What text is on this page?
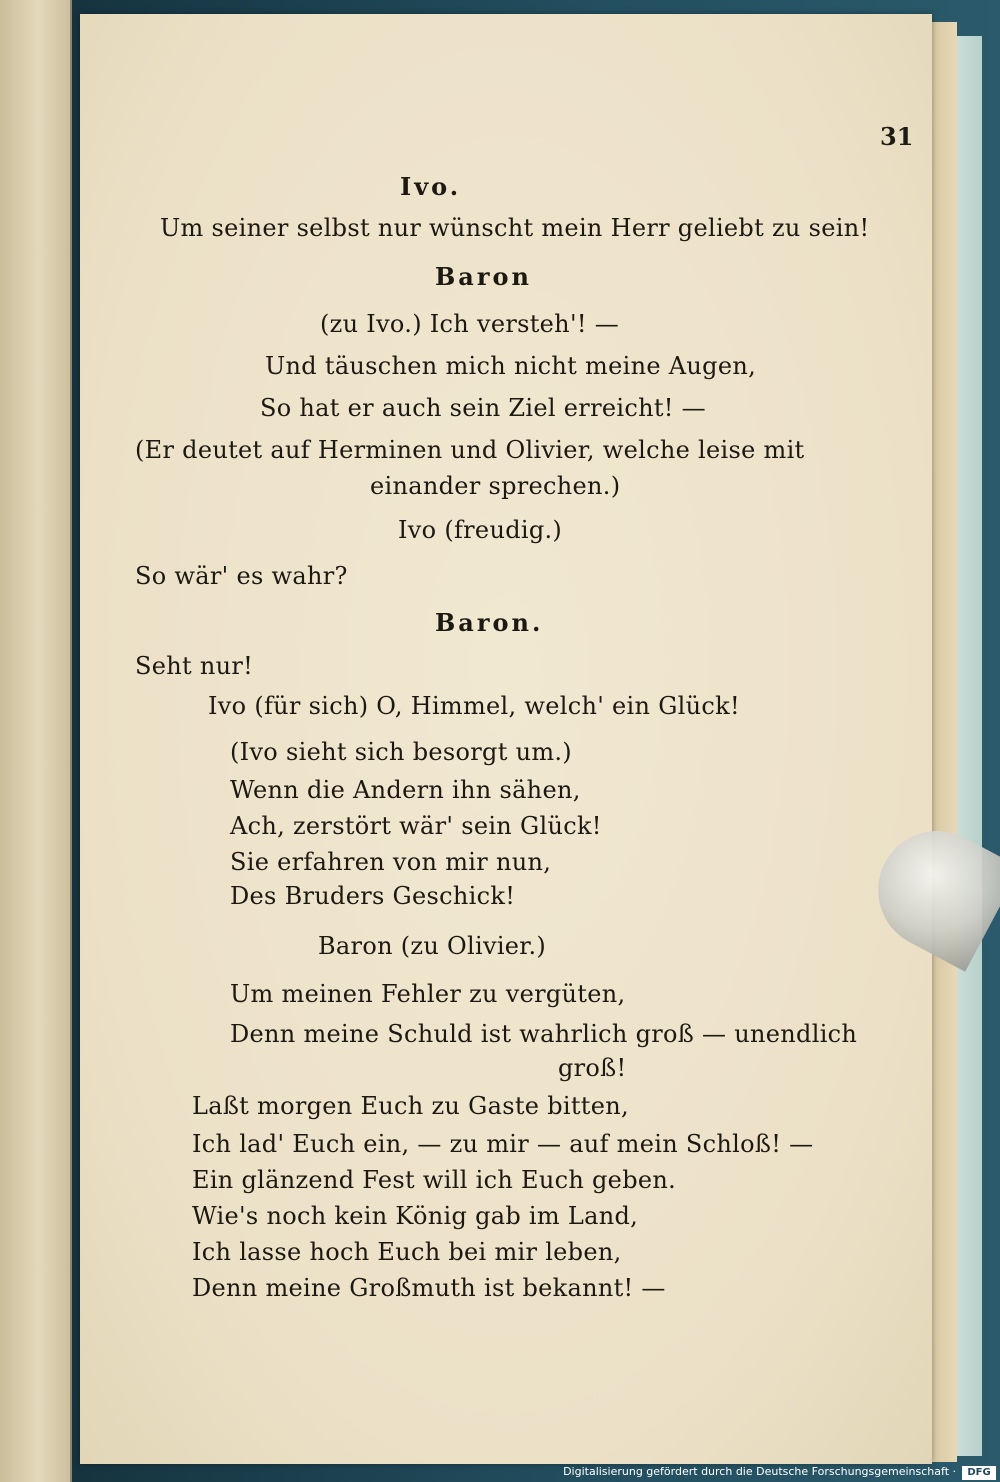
31
Ivo.
Um seiner selbst nur wünscht mein Herr geliebt zu sein!
Baron
(zu Ivo.) Ich versteh'! —
Und täuschen mich nicht meine Augen,
So hat er auch sein Ziel erreicht! —
(Er deutet auf Herminen und Olivier, welche leise mit
einander sprechen.)
Ivo (freudig.)
So wär' es wahr?
Baron.
Seht nur!
Ivo (für sich) O, Himmel, welch' ein Glück!
(Ivo sieht sich besorgt um.)
Wenn die Andern ihn sähen,
Ach, zerstört wär' sein Glück!
Sie erfahren von mir nun,
Des Bruders Geschick!
Baron (zu Olivier.)
Um meinen Fehler zu vergüten,
Denn meine Schuld ist wahrlich groß — unendlich
groß!
Laßt morgen Euch zu Gaste bitten,
Ich lad' Euch ein, — zu mir — auf mein Schloß! —
Ein glänzend Fest will ich Euch geben.
Wie's noch kein König gab im Land,
Ich lasse hoch Euch bei mir leben,
Denn meine Großmuth ist bekannt! —
Digitalisierung gefördert durch die Deutsche Forschungsgemeinschaft ·	DFG
